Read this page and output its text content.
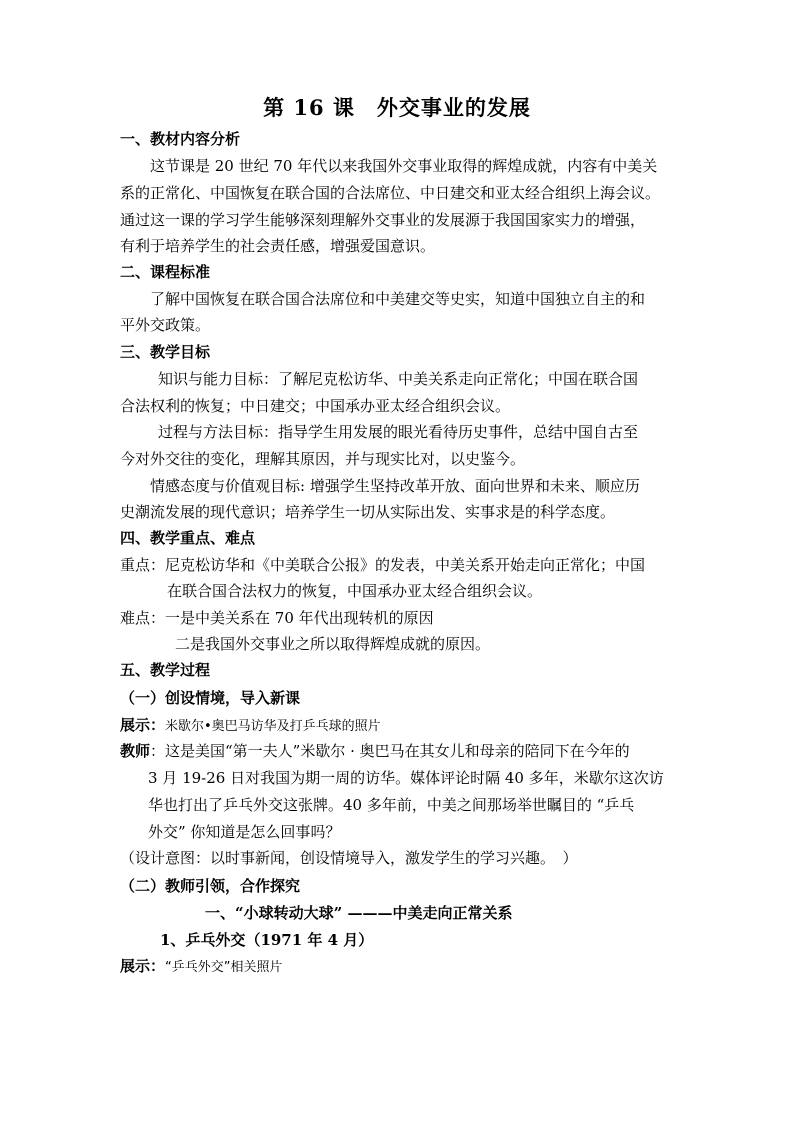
第 16 课　外交事业的发展
一、教材内容分析
这节课是 20 世纪 70 年代以来我国外交事业取得的辉煌成就，内容有中美关
系的正常化、中国恢复在联合国的合法席位、中日建交和亚太经合组织上海会议。
通过这一课的学习学生能够深刻理解外交事业的发展源于我国国家实力的增强，
有利于培养学生的社会责任感，增强爱国意识。
二、课程标准
了解中国恢复在联合国合法席位和中美建交等史实，知道中国独立自主的和
平外交政策。
三、教学目标
知识与能力目标：了解尼克松访华、中美关系走向正常化；中国在联合国
合法权利的恢复；中日建交；中国承办亚太经合组织会议。
过程与方法目标：指导学生用发展的眼光看待历史事件，总结中国自古至
今对外交往的变化，理解其原因，并与现实比对，以史鉴今。
情感态度与价值观目标: 增强学生坚持改革开放、面向世界和未来、顺应历
史潮流发展的现代意识；培养学生一切从实际出发、实事求是的科学态度。
四、教学重点、难点
重点：尼克松访华和《中美联合公报》的发表，中美关系开始走向正常化；中国
在联合国合法权力的恢复，中国承办亚太经合组织会议。
难点：一是中美关系在 70 年代出现转机的原因
二是我国外交事业之所以取得辉煌成就的原因。
五、教学过程
（一）创设情境，导入新课
展示：米歇尔•奥巴马访华及打乒乓球的照片
教师：这是美国“第一夫人”米歇尔 · 奥巴马在其女儿和母亲的陪同下在今年的
3 月 19-26 日对我国为期一周的访华。媒体评论时隔 40 多年，米歇尔这次访
华也打出了乒乓外交这张牌。40 多年前，中美之间那场举世瞩目的 “乒乓
外交” 你知道是怎么回事吗？
（设计意图：以时事新闻，创设情境导入，激发学生的学习兴趣。　）
（二）教师引领，合作探究
一、“小球转动大球” ———中美走向正常关系
1、乒乓外交（1971 年 4 月）
展示：“乒乓外交”相关照片
